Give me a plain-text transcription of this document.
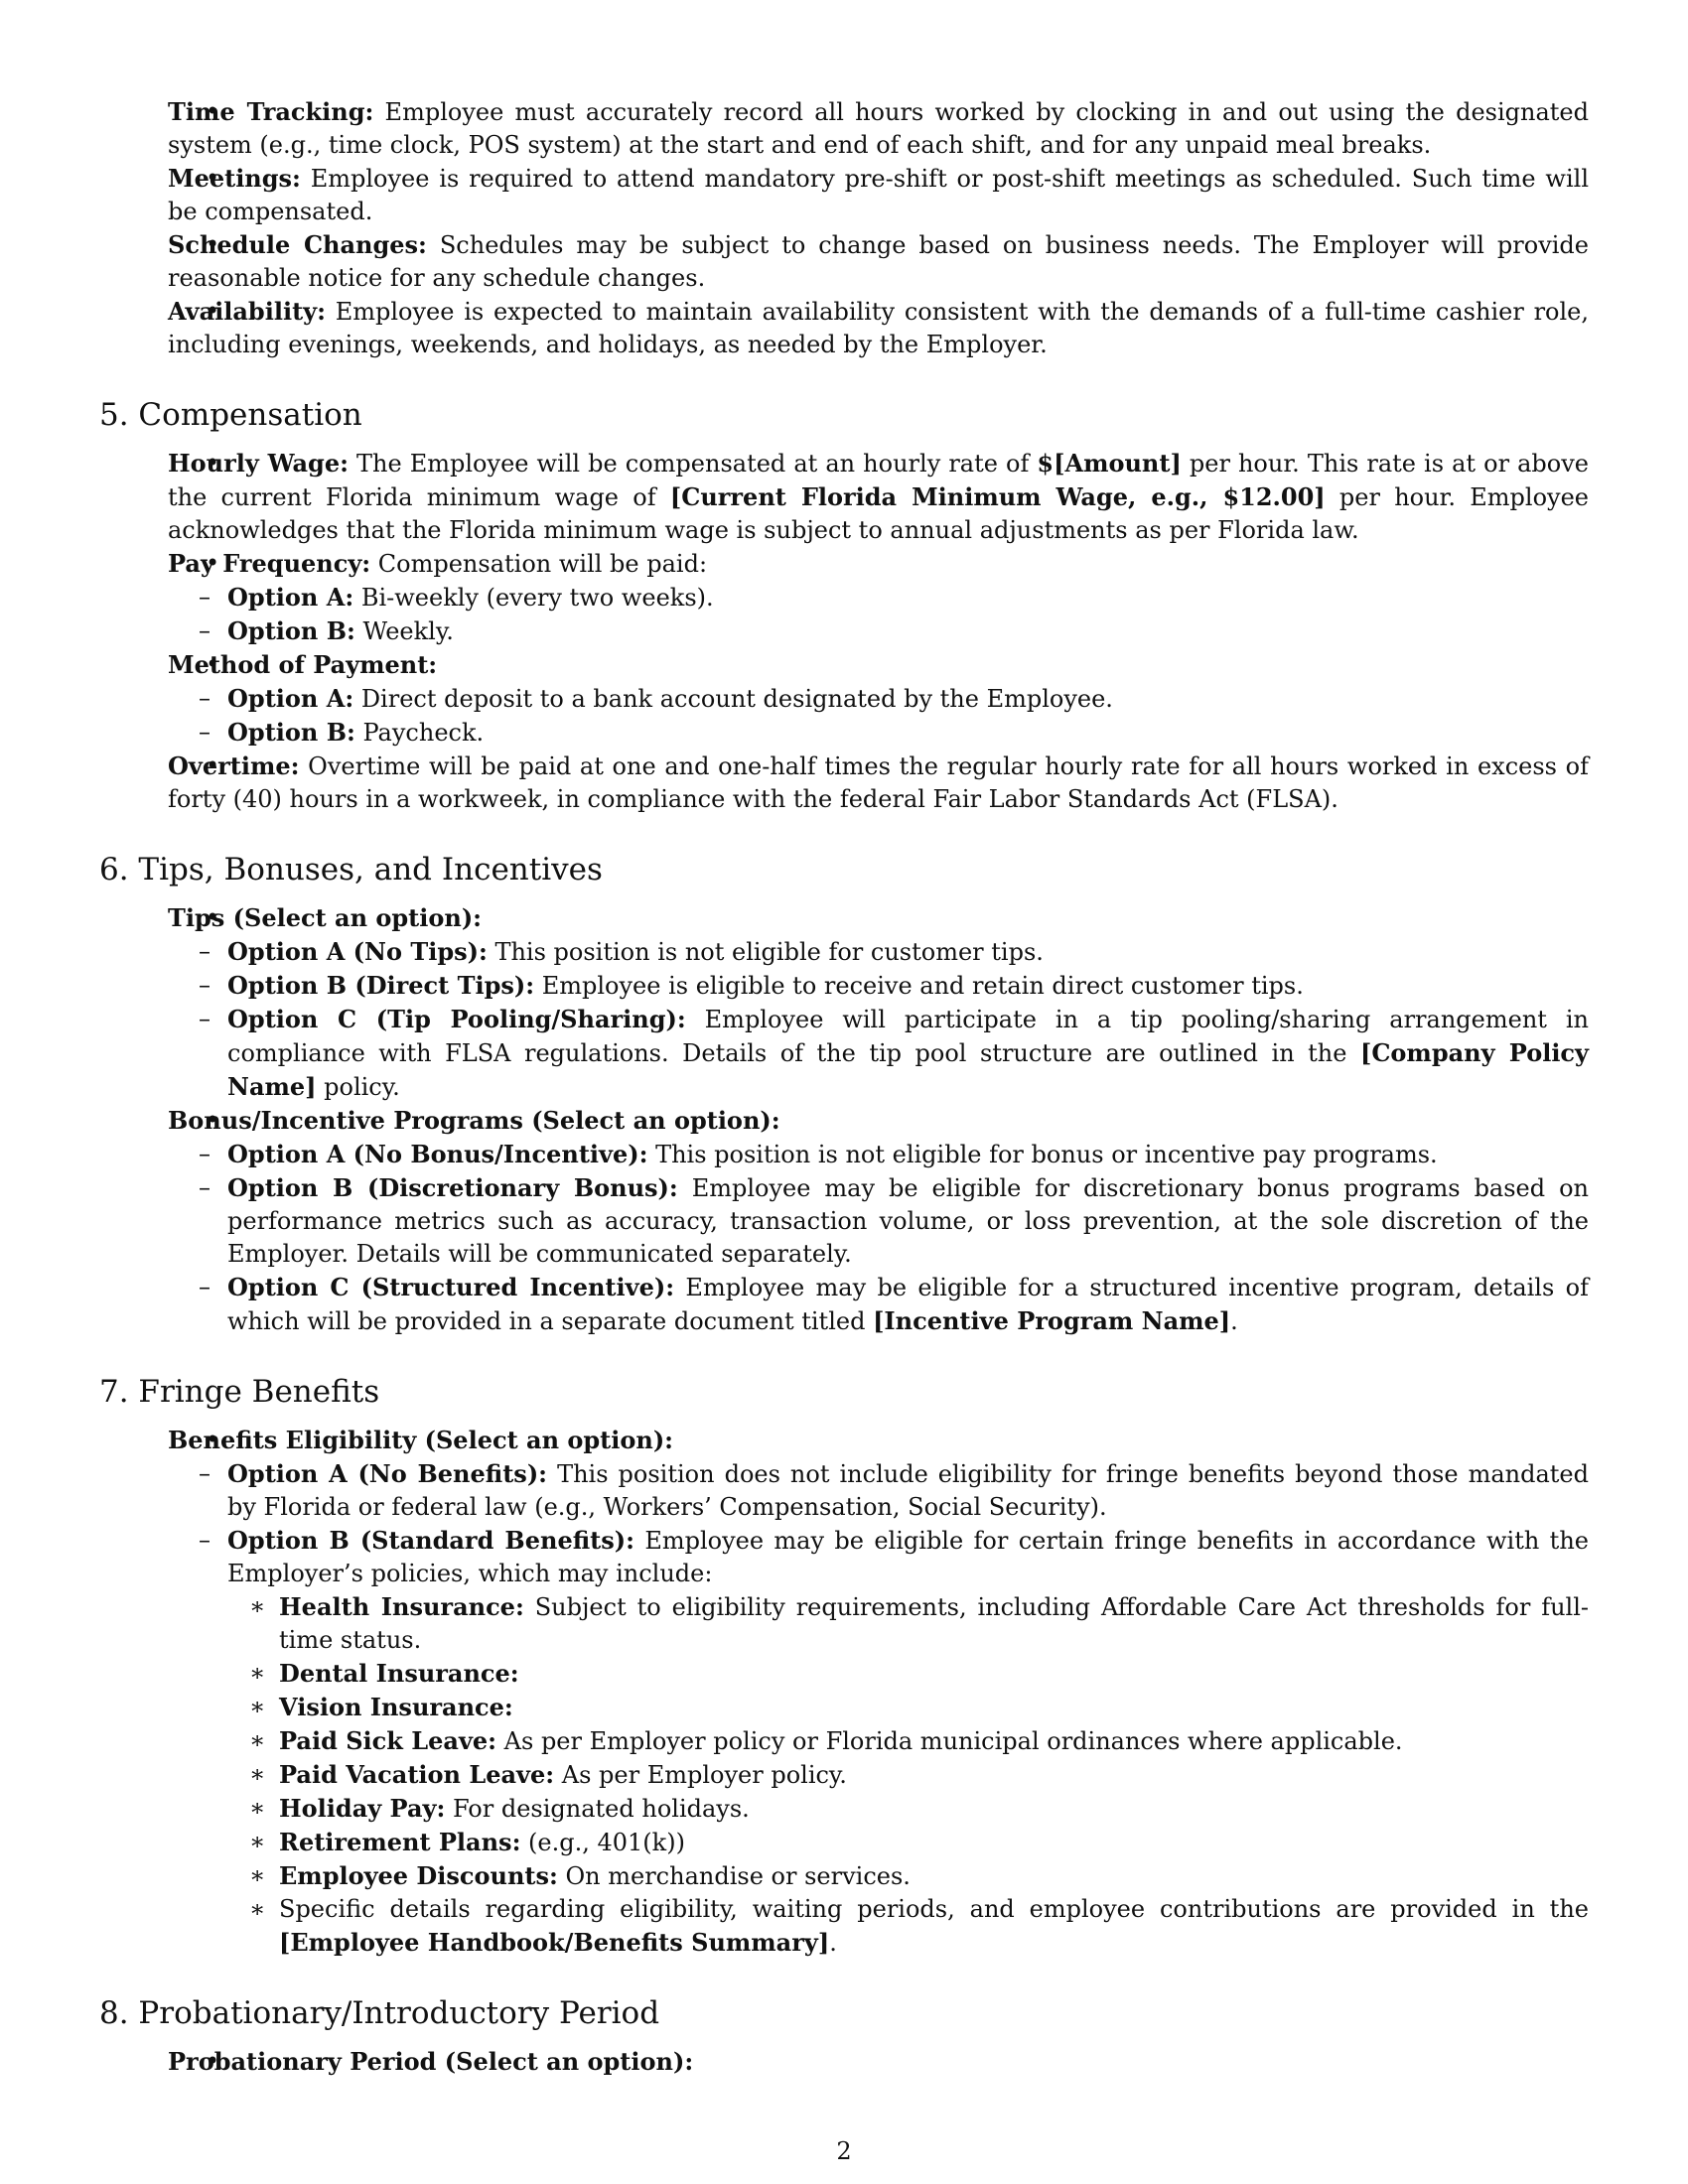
• Time Tracking: Employee must accurately record all hours worked by clocking in and out using the designated system (e.g., time clock, POS system) at the start and end of each shift, and for any unpaid meal breaks.
• Meetings: Employee is required to attend mandatory pre-shift or post-shift meetings as scheduled. Such time will be compensated.
• Schedule Changes: Schedules may be subject to change based on business needs. The Employer will provide reasonable notice for any schedule changes.
• Availability: Employee is expected to maintain availability consistent with the demands of a full-time cashier role, including evenings, weekends, and holidays, as needed by the Employer.
5. Compensation
• Hourly Wage: The Employee will be compensated at an hourly rate of $[Amount] per hour. This rate is at or above the current Florida minimum wage of [Current Florida Minimum Wage, e.g., $12.00] per hour. Employee acknowledges that the Florida minimum wage is subject to annual adjustments as per Florida law.
• Pay Frequency: Compensation will be paid:
– Option A: Bi-weekly (every two weeks).
– Option B: Weekly.
• Method of Payment:
– Option A: Direct deposit to a bank account designated by the Employee.
– Option B: Paycheck.
• Overtime: Overtime will be paid at one and one-half times the regular hourly rate for all hours worked in excess of forty (40) hours in a workweek, in compliance with the federal Fair Labor Standards Act (FLSA).
6. Tips, Bonuses, and Incentives
• Tips (Select an option):
– Option A (No Tips): This position is not eligible for customer tips.
– Option B (Direct Tips): Employee is eligible to receive and retain direct customer tips.
– Option C (Tip Pooling/Sharing): Employee will participate in a tip pooling/sharing arrangement in compliance with FLSA regulations. Details of the tip pool structure are outlined in the [Company Policy Name] policy.
• Bonus/Incentive Programs (Select an option):
– Option A (No Bonus/Incentive): This position is not eligible for bonus or incentive pay programs.
– Option B (Discretionary Bonus): Employee may be eligible for discretionary bonus programs based on performance metrics such as accuracy, transaction volume, or loss prevention, at the sole discretion of the Employer. Details will be communicated separately.
– Option C (Structured Incentive): Employee may be eligible for a structured incentive program, details of which will be provided in a separate document titled [Incentive Program Name].
7. Fringe Benefits
• Benefits Eligibility (Select an option):
– Option A (No Benefits): This position does not include eligibility for fringe benefits beyond those mandated by Florida or federal law (e.g., Workers’ Compensation, Social Security).
– Option B (Standard Benefits): Employee may be eligible for certain fringe benefits in accordance with the Employer’s policies, which may include:
∗ Health Insurance: Subject to eligibility requirements, including Affordable Care Act thresholds for full-time status.
∗ Dental Insurance:
∗ Vision Insurance:
∗ Paid Sick Leave: As per Employer policy or Florida municipal ordinances where applicable.
∗ Paid Vacation Leave: As per Employer policy.
∗ Holiday Pay: For designated holidays.
∗ Retirement Plans: (e.g., 401(k))
∗ Employee Discounts: On merchandise or services.
∗ Specific details regarding eligibility, waiting periods, and employee contributions are provided in the [Employee Handbook/Benefits Summary].
8. Probationary/Introductory Period
• Probationary Period (Select an option):
2
